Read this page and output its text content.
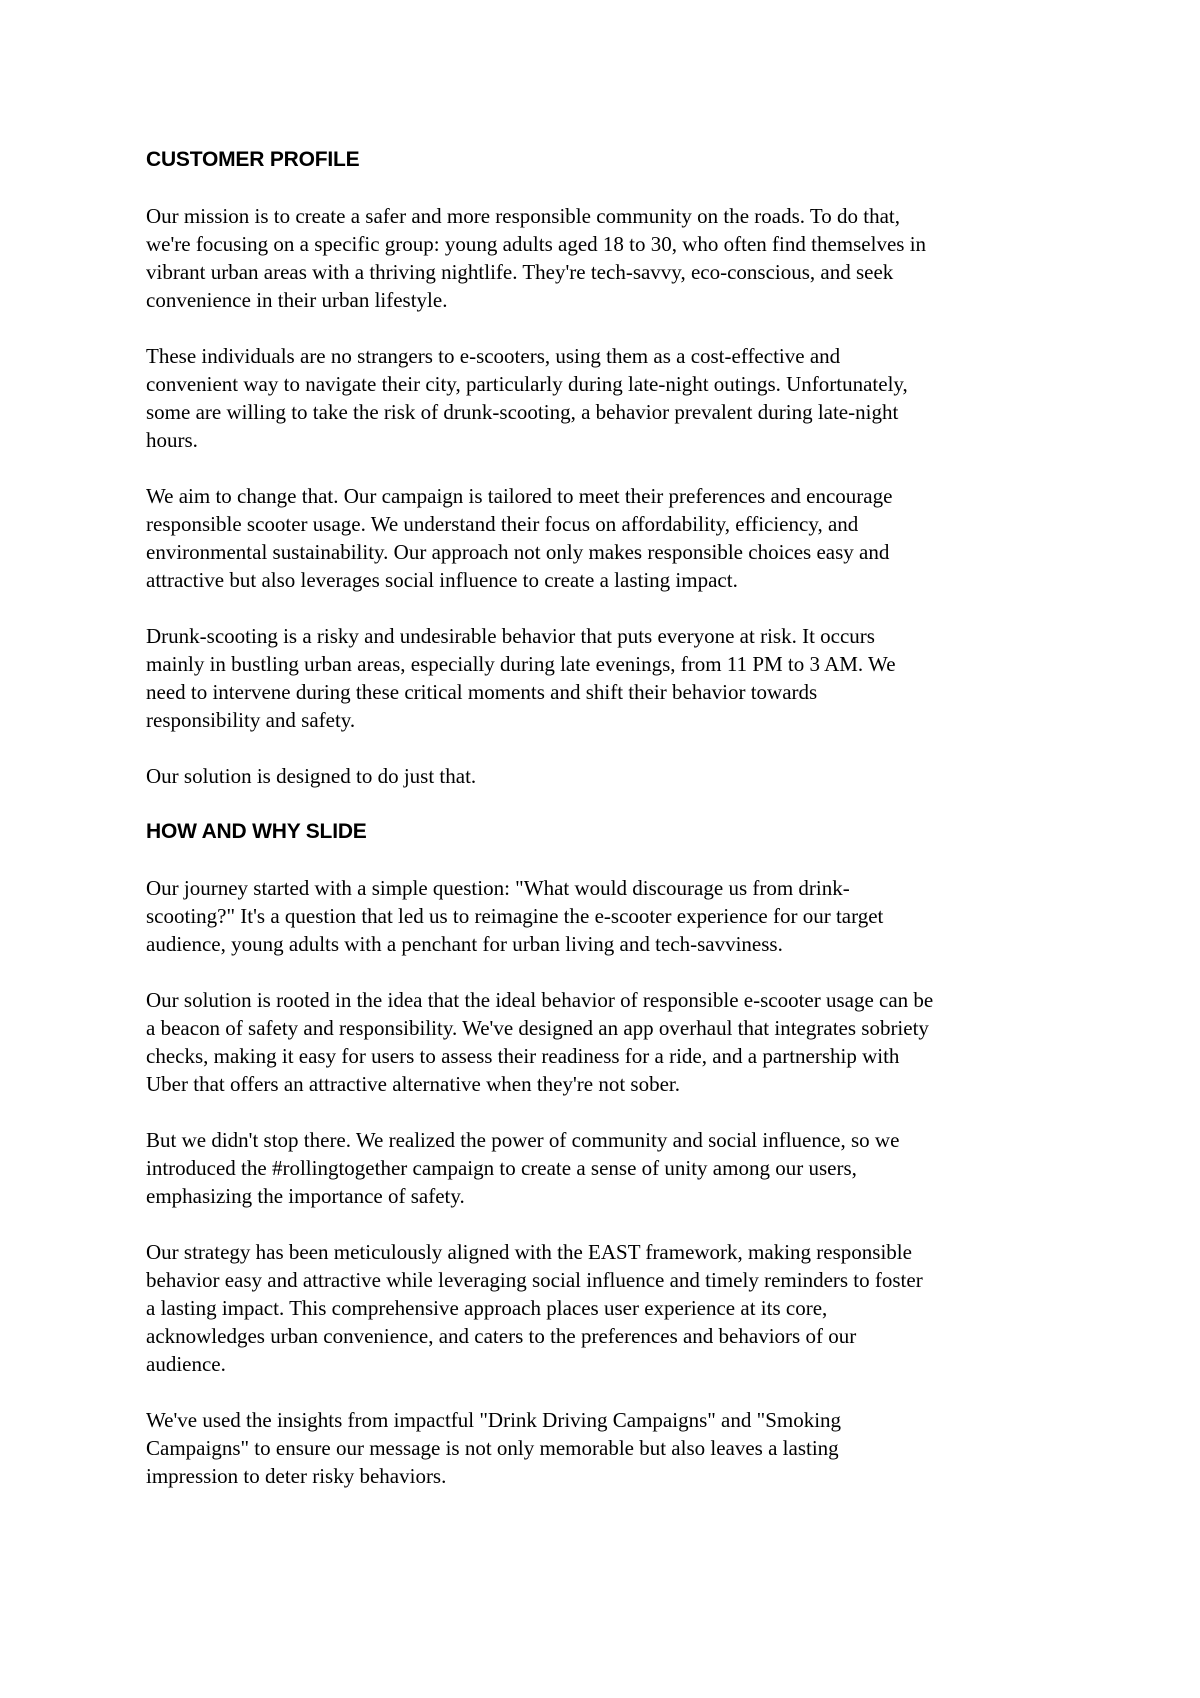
CUSTOMER PROFILE

Our mission is to create a safer and more responsible community on the roads. To do that,
we're focusing on a specific group: young adults aged 18 to 30, who often find themselves in
vibrant urban areas with a thriving nightlife. They're tech-savvy, eco-conscious, and seek
convenience in their urban lifestyle.

These individuals are no strangers to e-scooters, using them as a cost-effective and
convenient way to navigate their city, particularly during late-night outings. Unfortunately,
some are willing to take the risk of drunk-scooting, a behavior prevalent during late-night
hours.

We aim to change that. Our campaign is tailored to meet their preferences and encourage
responsible scooter usage. We understand their focus on affordability, efficiency, and
environmental sustainability. Our approach not only makes responsible choices easy and
attractive but also leverages social influence to create a lasting impact.

Drunk-scooting is a risky and undesirable behavior that puts everyone at risk. It occurs
mainly in bustling urban areas, especially during late evenings, from 11 PM to 3 AM. We
need to intervene during these critical moments and shift their behavior towards
responsibility and safety.

Our solution is designed to do just that.

HOW AND WHY SLIDE

Our journey started with a simple question: "What would discourage us from drink-
scooting?" It's a question that led us to reimagine the e-scooter experience for our target
audience, young adults with a penchant for urban living and tech-savviness.

Our solution is rooted in the idea that the ideal behavior of responsible e-scooter usage can be
a beacon of safety and responsibility. We've designed an app overhaul that integrates sobriety
checks, making it easy for users to assess their readiness for a ride, and a partnership with
Uber that offers an attractive alternative when they're not sober.

But we didn't stop there. We realized the power of community and social influence, so we
introduced the #rollingtogether campaign to create a sense of unity among our users,
emphasizing the importance of safety.

Our strategy has been meticulously aligned with the EAST framework, making responsible
behavior easy and attractive while leveraging social influence and timely reminders to foster
a lasting impact. This comprehensive approach places user experience at its core,
acknowledges urban convenience, and caters to the preferences and behaviors of our
audience.

We've used the insights from impactful "Drink Driving Campaigns" and "Smoking
Campaigns" to ensure our message is not only memorable but also leaves a lasting
impression to deter risky behaviors.
